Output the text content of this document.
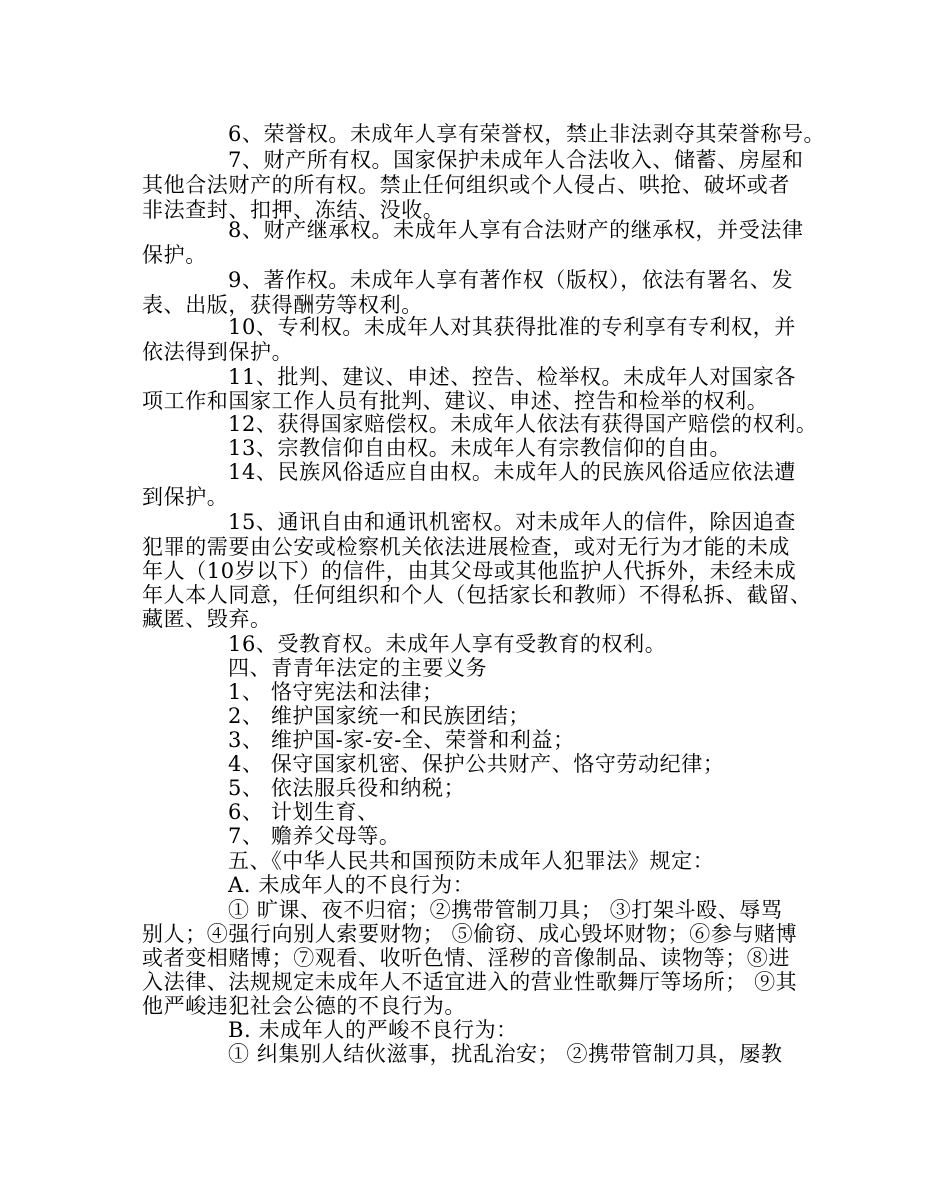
6、荣誉权。未成年人享有荣誉权，禁止非法剥夺其荣誉称号。
7、财产所有权。国家保护未成年人合法收入、储蓄、房屋和
其他合法财产的所有权。禁止任何组织或个人侵占、哄抢、破坏或者
非法查封、扣押、冻结、没收。
8、财产继承权。未成年人享有合法财产的继承权，并受法律
保护。
9、著作权。未成年人享有著作权（版权），依法有署名、发
表、出版，获得酬劳等权利。
10、专利权。未成年人对其获得批准的专利享有专利权，并
依法得到保护。
11、批判、建议、申述、控告、检举权。未成年人对国家各
项工作和国家工作人员有批判、建议、申述、控告和检举的权利。
12、获得国家赔偿权。未成年人依法有获得国产赔偿的权利。
13、宗教信仰自由权。未成年人有宗教信仰的自由。
14、民族风俗适应自由权。未成年人的民族风俗适应依法遭
到保护。
15、通讯自由和通讯机密权。对未成年人的信件，除因追查
犯罪的需要由公安或检察机关依法进展检查，或对无行为才能的未成
年人（10岁以下）的信件，由其父母或其他监护人代拆外，未经未成
年人本人同意，任何组织和个人（包括家长和教师）不得私拆、截留、
藏匿、毁弃。
16、受教育权。未成年人享有受教育的权利。
四、青青年法定的主要义务
1、 恪守宪法和法律；
2、 维护国家统一和民族团结；
3、 维护国-家-安-全、荣誉和利益；
4、 保守国家机密、保护公共财产、恪守劳动纪律；
5、 依法服兵役和纳税；
6、 计划生育、
7、 赡养父母等。
五、《中华人民共和国预防未成年人犯罪法》规定：
A. 未成年人的不良行为：
① 旷课、夜不归宿；②携带管制刀具； ③打架斗殴、辱骂
别人；④强行向别人索要财物； ⑤偷窃、成心毁坏财物；⑥参与赌博
或者变相赌博；⑦观看、收听色情、淫秽的音像制品、读物等；⑧进
入法律、法规规定未成年人不适宜进入的营业性歌舞厅等场所； ⑨其
他严峻违犯社会公德的不良行为。
B. 未成年人的严峻不良行为：
① 纠集别人结伙滋事，扰乱治安； ②携带管制刀具，屡教
